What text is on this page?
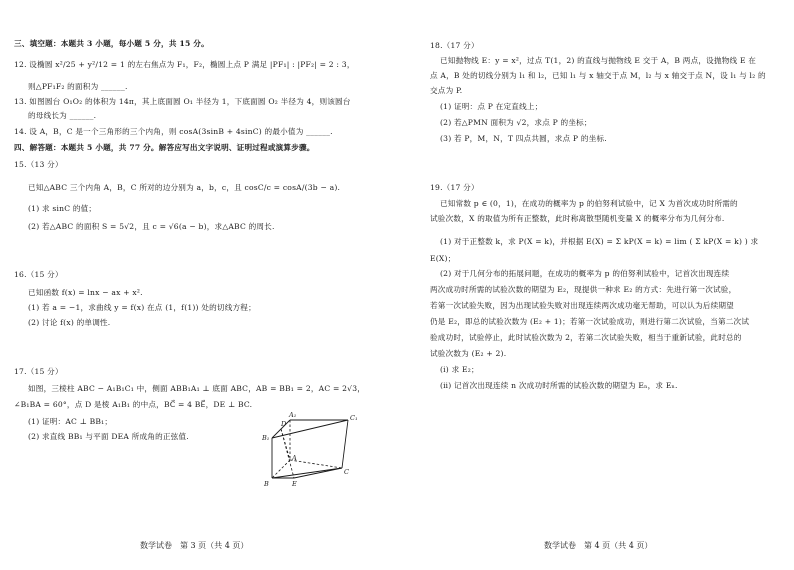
三、填空题：本题共 3 小题，每小题 5 分，共 15 分。
12. 设椭圆 x²/25 + y²/12 = 1 的左右焦点为 F₁，F₂，椭圆上点 P 满足 |PF₁| : |PF₂| = 2 : 3，
则△PF₁F₂ 的面积为 ______.
13. 如图圆台 O₁O₂ 的体积为 14π，其上底面圆 O₁ 半径为 1，下底面圆 O₂ 半径为 4，则该圆台
的母线长为 ______.
14. 设 A，B，C 是一个三角形的三个内角，则 cosA(3sinB + 4sinC) 的最小值为 ______.
四、解答题：本题共 5 小题，共 77 分。解答应写出文字说明、证明过程或演算步骤。
15.（13 分）
已知△ABC 三个内角 A，B，C 所对的边分别为 a，b，c，且 cosC/c = cosA/(3b − a).
(1) 求 sinC 的值；
(2) 若△ABC 的面积 S = 5√2，且 c = √6(a − b)，求△ABC 的周长.
16.（15 分）
已知函数 f(x) = lnx − ax + x².
(1) 若 a = −1，求曲线 y = f(x) 在点 (1，f(1)) 处的切线方程；
(2) 讨论 f(x) 的单调性.
17.（15 分）
如图，三棱柱 ABC − A₁B₁C₁ 中，侧面 ABB₁A₁ ⊥ 底面 ABC，AB = BB₁ = 2，AC = 2√3，
∠B₁BA = 60°，点 D 是棱 A₁B₁ 的中点，BC⃗ = 4 BE⃗，DE ⊥ BC.
(1) 证明：AC ⊥ BB₁；
(2) 求直线 BB₁ 与平面 DEA 所成角的正弦值.
A₁	C₁
B₁
D
A
B	E
C
数学试卷　第 3 页（共 4 页）
18.（17 分）
已知抛物线 E：y = x²，过点 T(1，2) 的直线与抛物线 E 交于 A，B 两点，设抛物线 E 在
点 A，B 处的切线分别为 l₁ 和 l₂，已知 l₁ 与 x 轴交于点 M，l₂ 与 x 轴交于点 N，设 l₁ 与 l₂ 的
交点为 P.
(1) 证明：点 P 在定直线上；
(2) 若△PMN 面积为 √2，求点 P 的坐标；
(3) 若 P，M，N，T 四点共圆，求点 P 的坐标.
19.（17 分）
已知常数 p ∈ (0，1)，在成功的概率为 p 的伯努利试验中，记 X 为首次成功时所需的
试验次数，X 的取值为所有正整数，此时称离散型随机变量 X 的概率分布为几何分布.
(1) 对于正整数 k，求 P(X = k)，并根据 E(X) = Σ kP(X = k) = lim ( Σ kP(X = k) ) 求
E(X)；
(2) 对于几何分布的拓展问题，在成功的概率为 p 的伯努利试验中，记首次出现连续
两次成功时所需的试验次数的期望为 E₂，现提供一种求 E₂ 的方式：先进行第一次试验，
若第一次试验失败，因为出现试验失败对出现连续两次成功毫无帮助，可以认为后续期望
仍是 E₂，即总的试验次数为 (E₂ + 1)；若第一次试验成功，则进行第二次试验，当第二次试
验成功时，试验停止，此时试验次数为 2，若第二次试验失败，相当于重新试验，此时总的
试验次数为 (E₂ + 2).
(ⅰ) 求 E₂；
(ⅱ) 记首次出现连续 n 次成功时所需的试验次数的期望为 Eₙ，求 Eₙ.
数学试卷　第 4 页（共 4 页）
